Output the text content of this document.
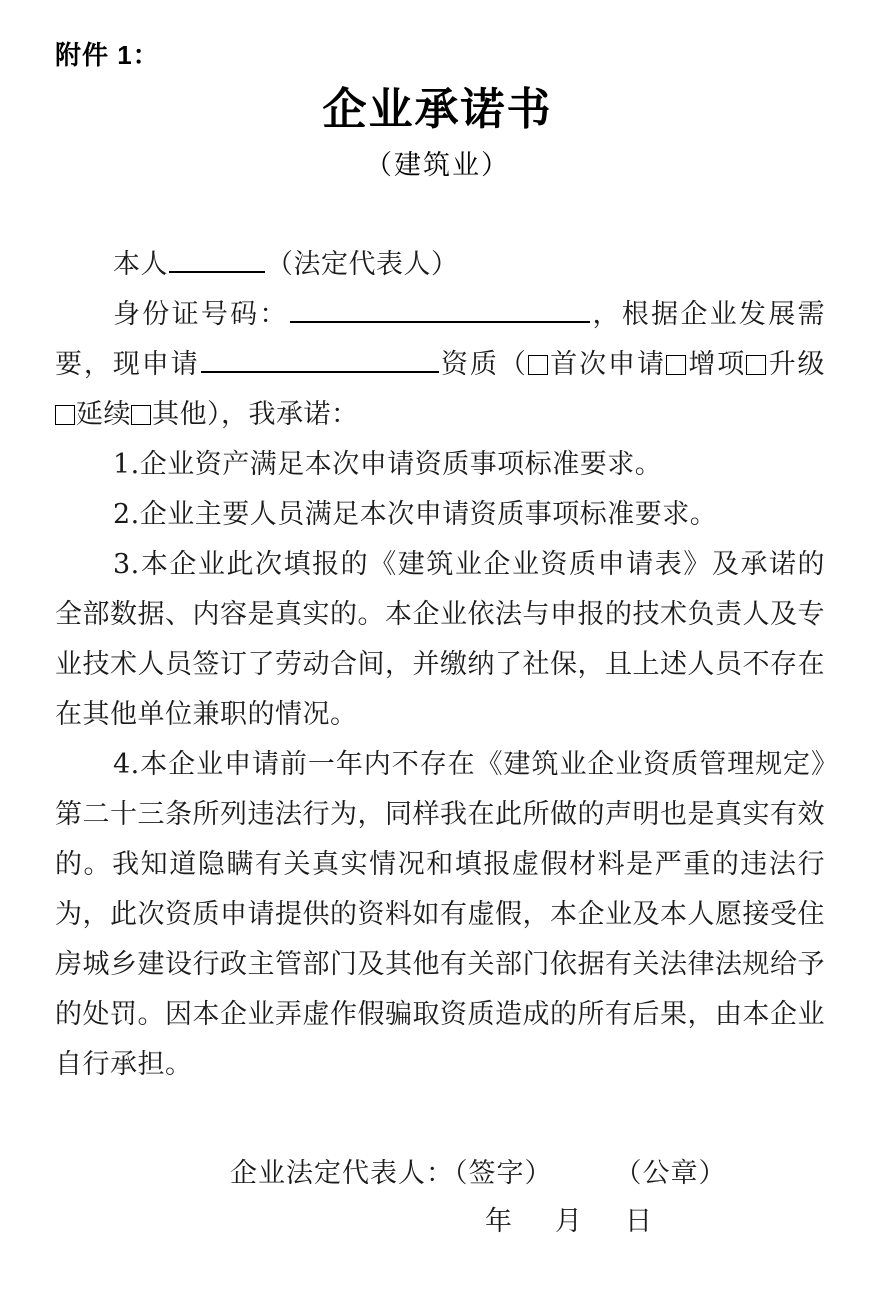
附件 1：
企业承诺书
（建筑业）

本人	（法定代表人）

身份证号码：	，根据企业发展需要，现申请	资质（ 首次申请 增项 升级延续 其他），我承诺：

1.企业资产满足本次申请资质事项标准要求。

2.企业主要人员满足本次申请资质事项标准要求。

3.本企业此次填报的《建筑业企业资质申请表》及承诺的全部数据、内容是真实的。本企业依法与申报的技术负责人及专业技术人员签订了劳动合间，并缴纳了社保，且上述人员不存在在其他单位兼职的情况。

4.本企业申请前一年内不存在《建筑业企业资质管理规定》第二十三条所列违法行为，同样我在此所做的声明也是真实有效的。我知道隐瞒有关真实情况和填报虚假材料是严重的违法行为，此次资质申请提供的资料如有虚假，本企业及本人愿接受住房城乡建设行政主管部门及其他有关部门依据有关法律法规给予的处罚。因本企业弄虚作假骗取资质造成的所有后果，由本企业自行承担。

企业法定代表人：（签字） （公章）
年 月 日
